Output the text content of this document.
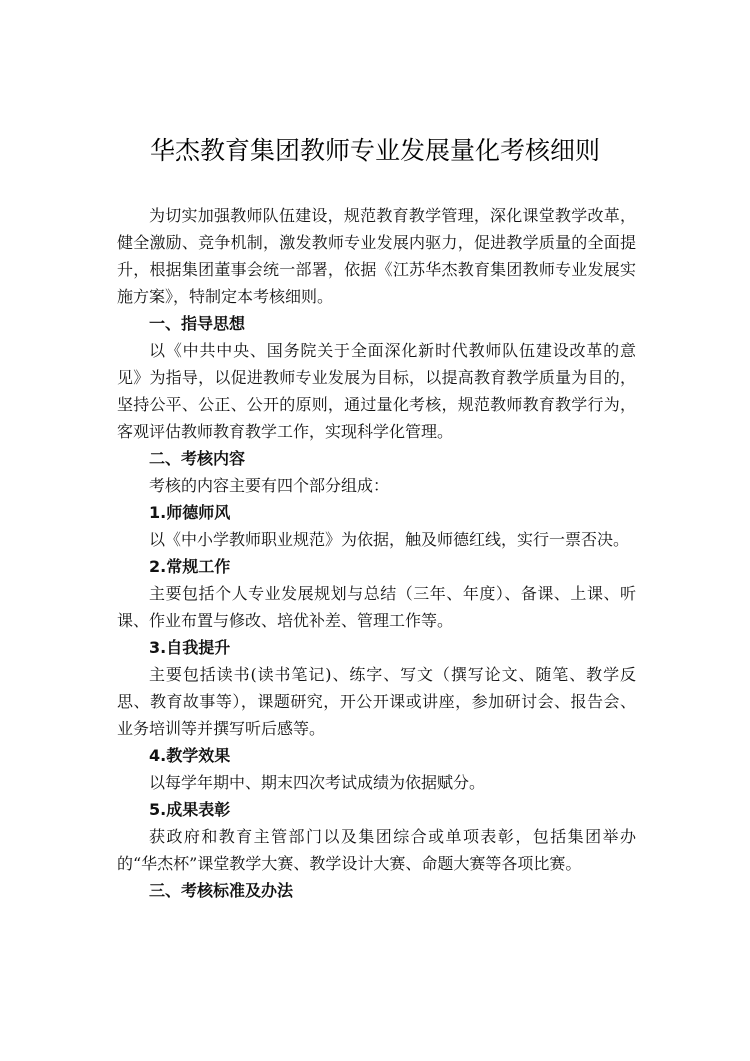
华杰教育集团教师专业发展量化考核细则

为切实加强教师队伍建设，规范教育教学管理，深化课堂教学改革，健全激励、竞争机制，激发教师专业发展内驱力，促进教学质量的全面提升，根据集团董事会统一部署，依据《江苏华杰教育集团教师专业发展实施方案》，特制定本考核细则。

一、指导思想

以《中共中央、国务院关于全面深化新时代教师队伍建设改革的意见》为指导，以促进教师专业发展为目标，以提高教育教学质量为目的，坚持公平、公正、公开的原则，通过量化考核，规范教师教育教学行为，客观评估教师教育教学工作，实现科学化管理。

二、考核内容

考核的内容主要有四个部分组成：

1.师德师风

以《中小学教师职业规范》为依据，触及师德红线，实行一票否决。

2.常规工作

主要包括个人专业发展规划与总结（三年、年度）、备课、上课、听课、作业布置与修改、培优补差、管理工作等。

3.自我提升

主要包括读书(读书笔记)、练字、写文（撰写论文、随笔、教学反思、教育故事等），课题研究，开公开课或讲座，参加研讨会、报告会、业务培训等并撰写听后感等。

4.教学效果

以每学年期中、期末四次考试成绩为依据赋分。

5.成果表彰

获政府和教育主管部门以及集团综合或单项表彰，包括集团举办的“华杰杯”课堂教学大赛、教学设计大赛、命题大赛等各项比赛。

三、考核标准及办法
